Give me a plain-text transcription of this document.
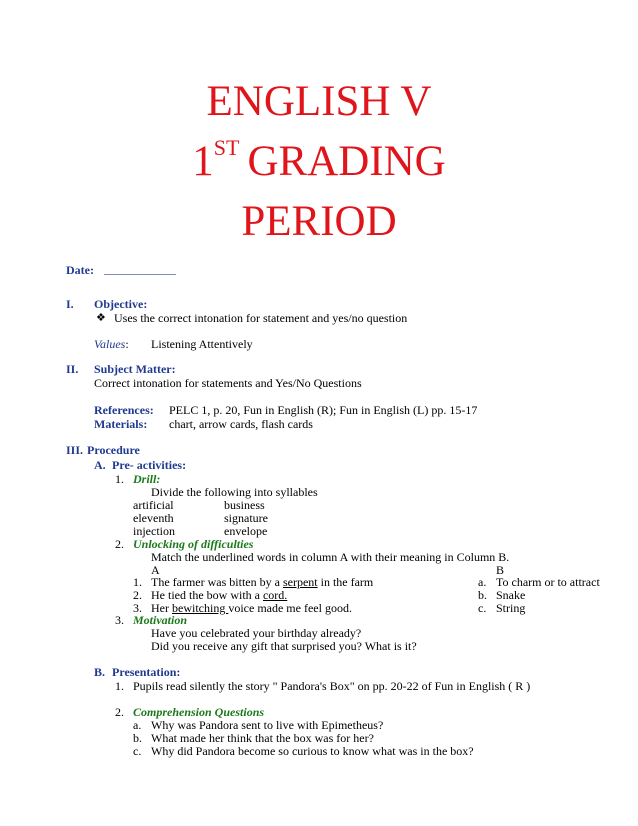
ENGLISH V
1ST GRADING
PERIOD
Date: ____________
I. Objective:
❖ Uses the correct intonation for statement and yes/no question
Values: Listening Attentively
II. Subject Matter:
Correct intonation for statements and Yes/No Questions
References: PELC 1, p. 20, Fun in English (R); Fun in English (L) pp. 15-17
Materials: chart, arrow cards, flash cards
III. Procedure
A. Pre- activities:
1. Drill:
Divide the following into syllables
artificial	business
eleventh	signature
injection	envelope
2. Unlocking of difficulties
Match the underlined words in column A with their meaning in Column B.
A	B
1. The farmer was bitten by a serpent in the farm	a. To charm or to attract
2. He tied the bow with a cord.	b. Snake
3. Her bewitching voice made me feel good.	c. String
3. Motivation
Have you celebrated your birthday already?
Did you receive any gift that surprised you? What is it?
B. Presentation:
1. Pupils read silently the story " Pandora's Box" on pp. 20-22 of Fun in English ( R )
2. Comprehension Questions
a. Why was Pandora sent to live with Epimetheus?
b. What made her think that the box was for her?
c. Why did Pandora become so curious to know what was in the box?
